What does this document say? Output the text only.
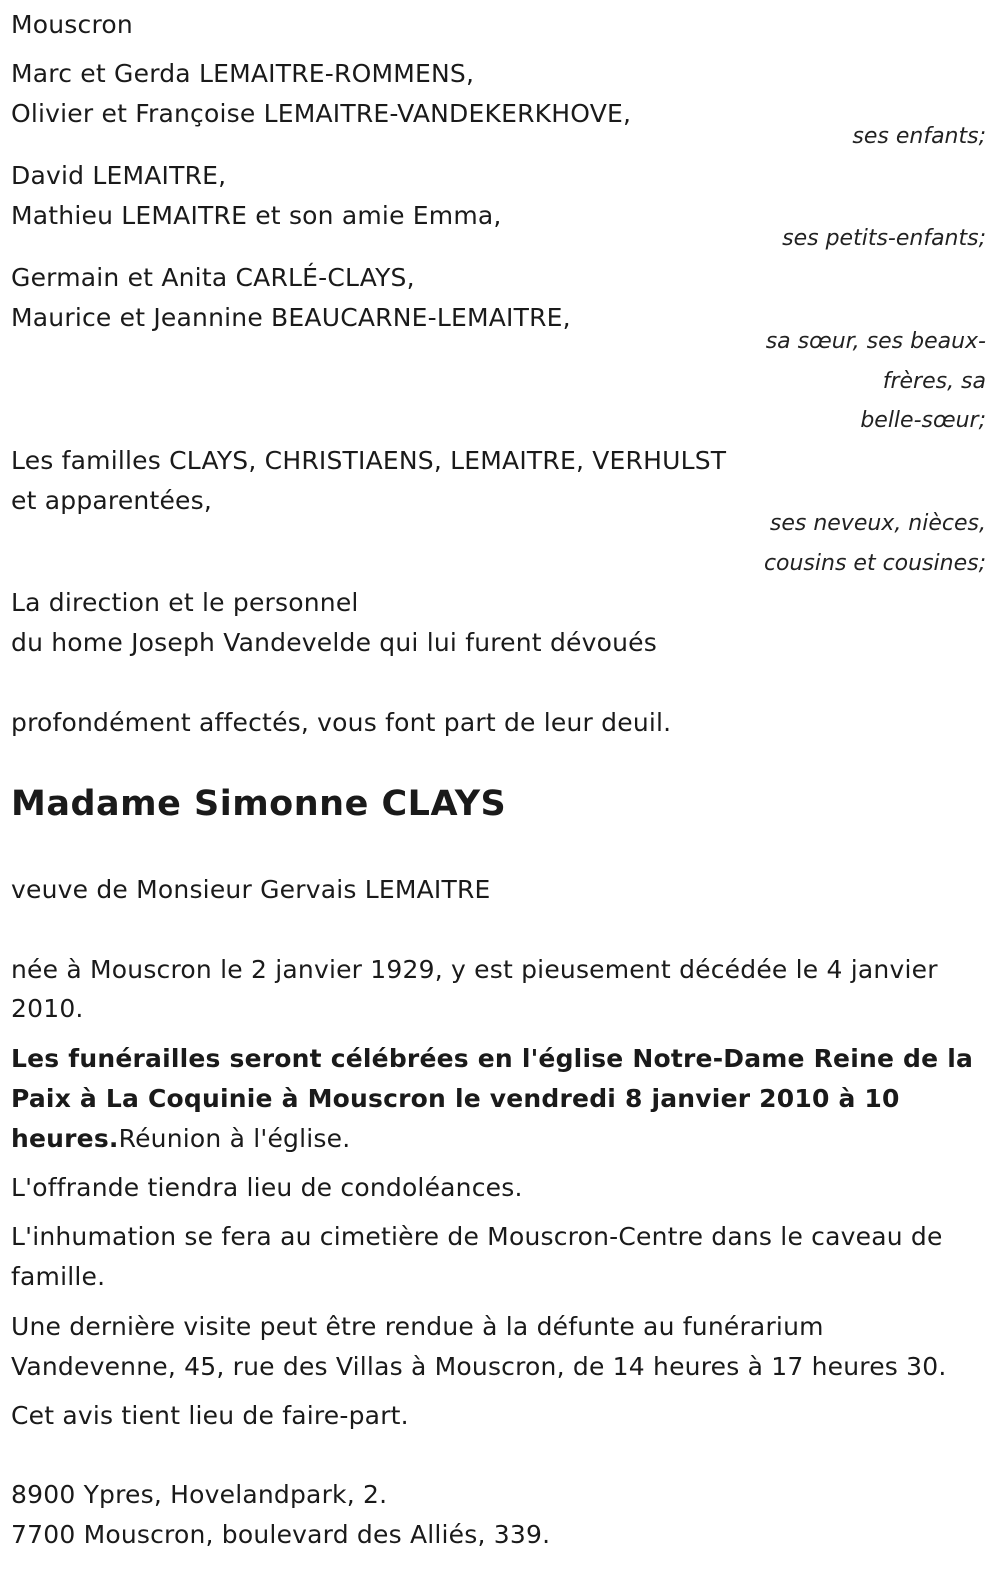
Mouscron
Marc et Gerda LEMAITRE-ROMMENS,
Olivier et Françoise LEMAITRE-VANDEKERKHOVE,
ses enfants;
David LEMAITRE,
Mathieu LEMAITRE et son amie Emma,
ses petits-enfants;
Germain et Anita CARLÉ-CLAYS,
Maurice et Jeannine BEAUCARNE-LEMAITRE,
sa sœur, ses beaux-
frères, sa
belle-sœur;
Les familles CLAYS, CHRISTIAENS, LEMAITRE, VERHULST
et apparentées,
ses neveux, nièces,
cousins et cousines;
La direction et le personnel
du home Joseph Vandevelde qui lui furent dévoués
profondément affectés, vous font part de leur deuil.
Madame Simonne CLAYS
veuve de Monsieur Gervais LEMAITRE
née à Mouscron le 2 janvier 1929, y est pieusement décédée le 4 janvier
2010.
Les funérailles seront célébrées en l'église Notre-Dame Reine de la
Paix à La Coquinie à Mouscron le vendredi 8 janvier 2010 à 10
heures.Réunion à l'église.
L'offrande tiendra lieu de condoléances.
L'inhumation se fera au cimetière de Mouscron-Centre dans le caveau de
famille.
Une dernière visite peut être rendue à la défunte au funérarium
Vandevenne, 45, rue des Villas à Mouscron, de 14 heures à 17 heures 30.
Cet avis tient lieu de faire-part.
8900 Ypres, Hovelandpark, 2.
7700 Mouscron, boulevard des Alliés, 339.
